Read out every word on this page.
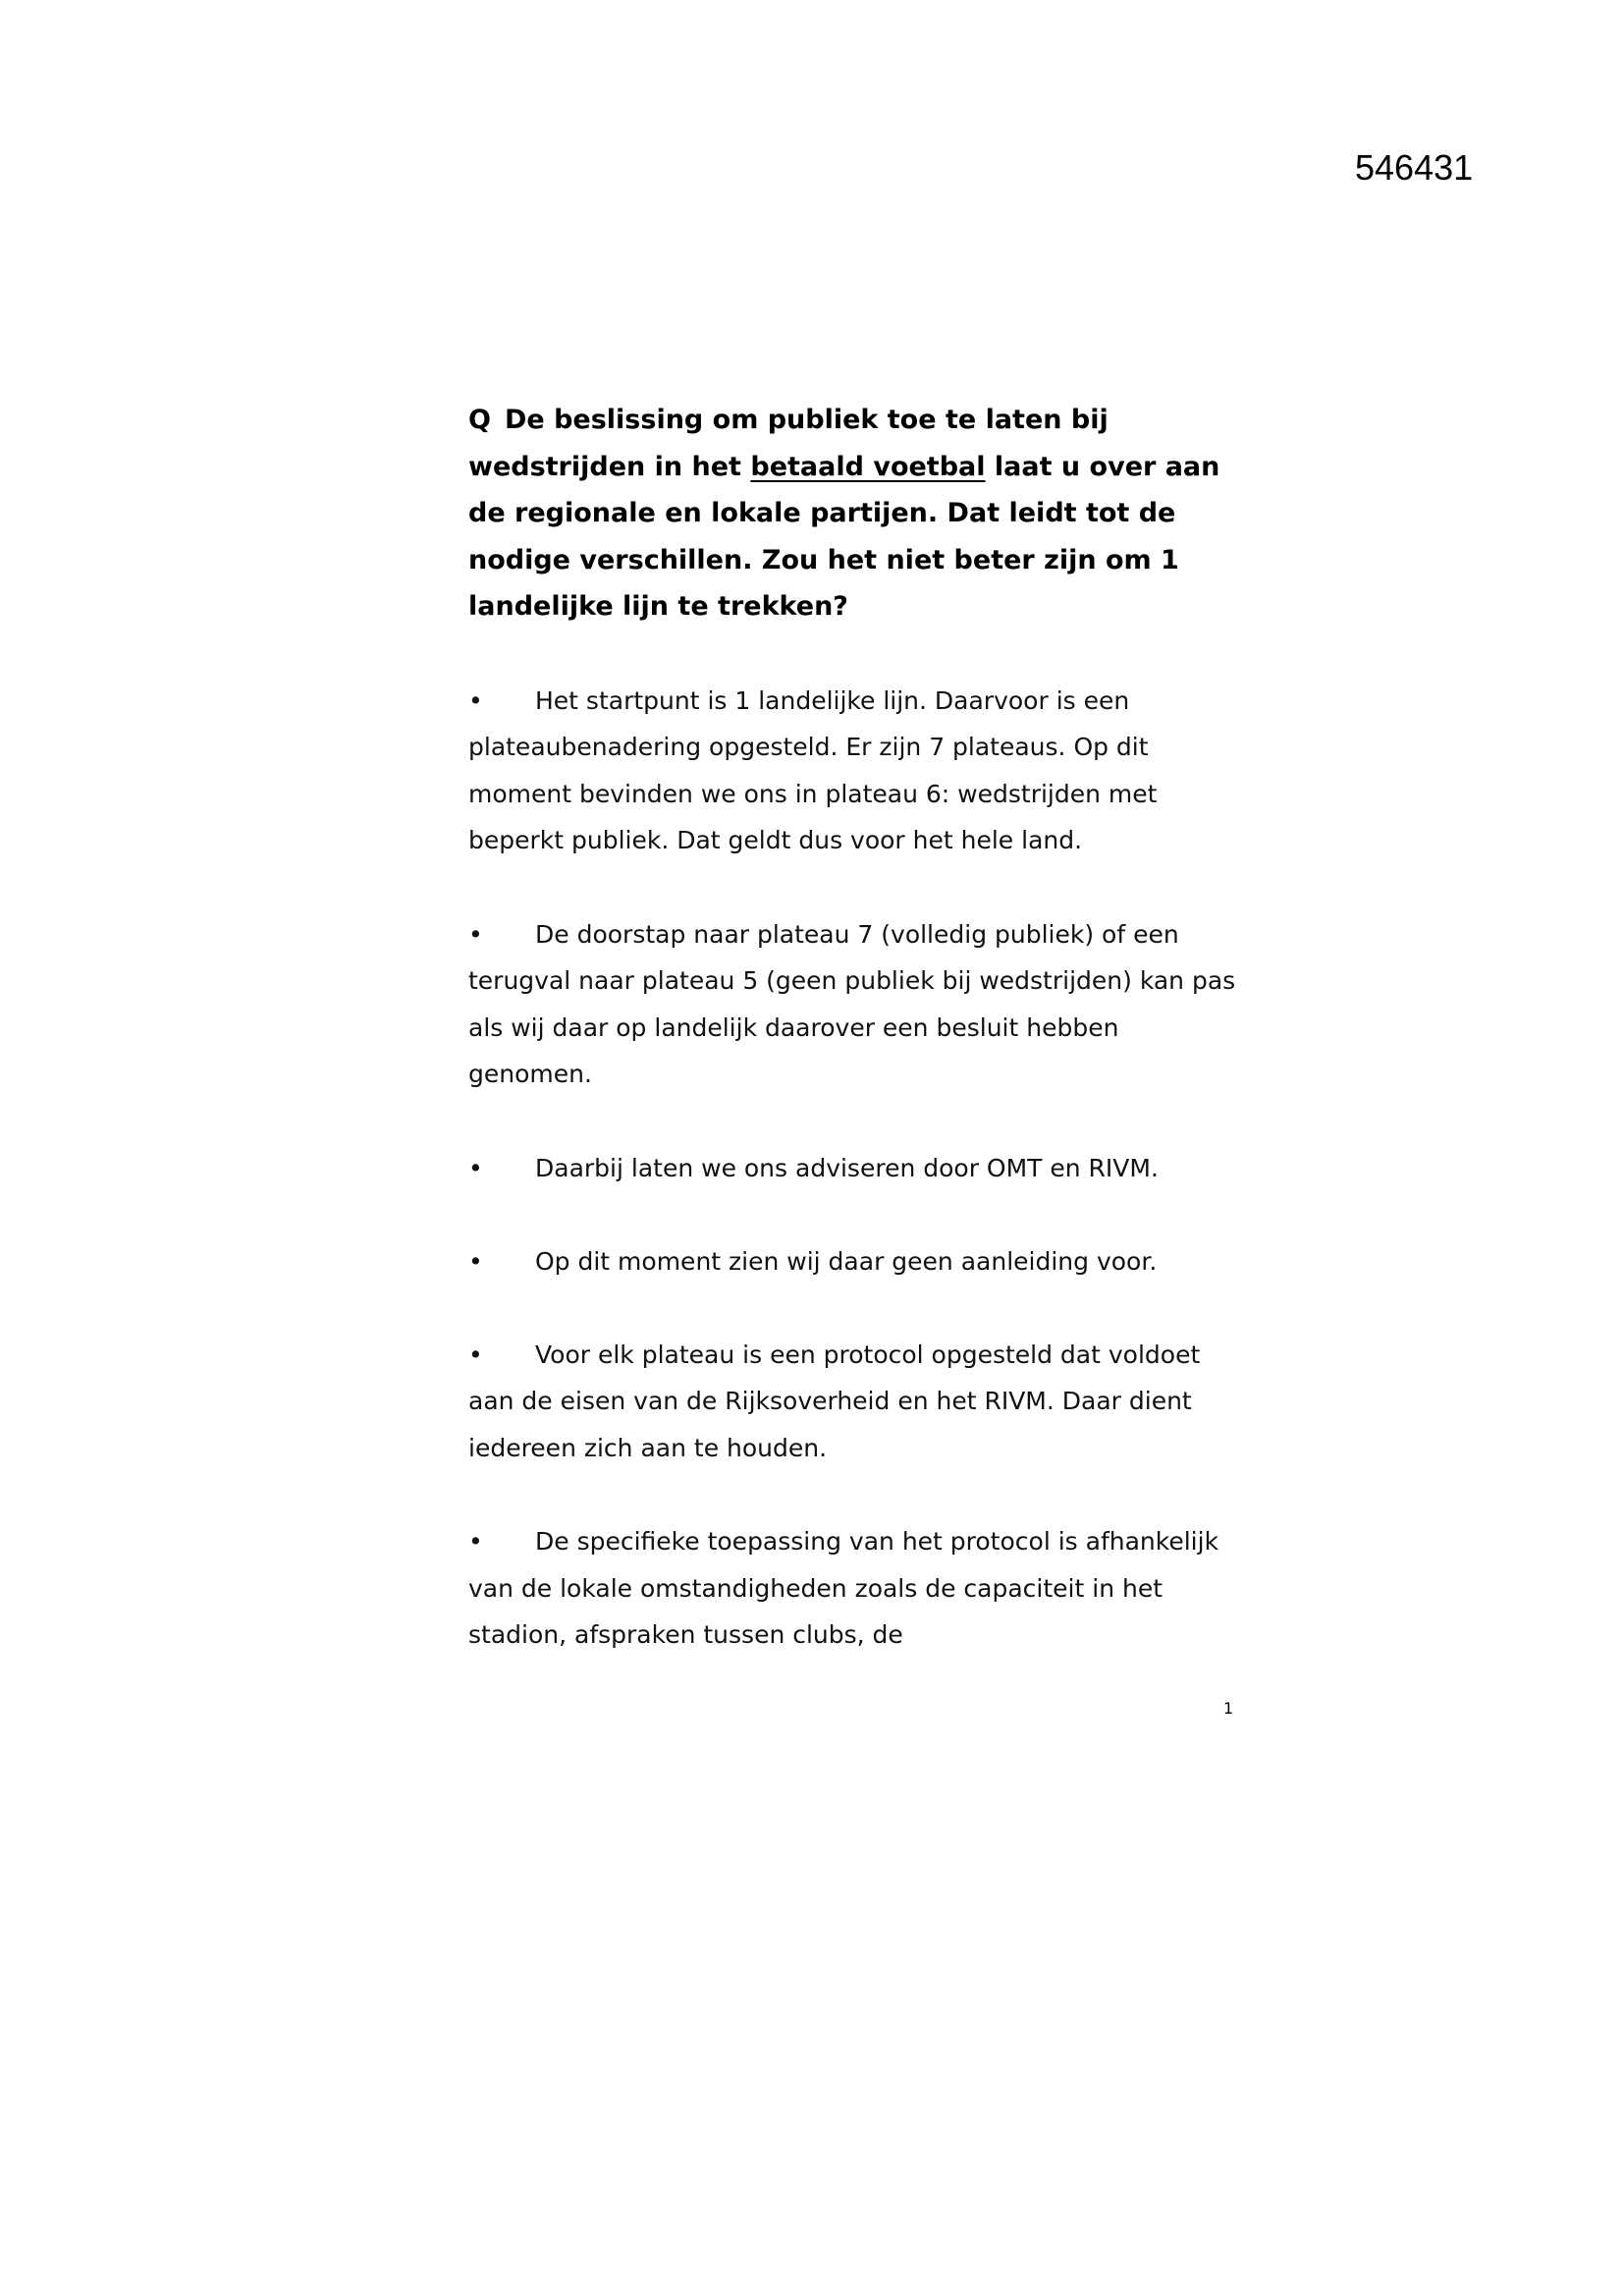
546431

Q De beslissing om publiek toe te laten bij wedstrijden in het betaald voetbal laat u over aan de regionale en lokale partijen. Dat leidt tot de nodige verschillen. Zou het niet beter zijn om 1 landelijke lijn te trekken?

• Het startpunt is 1 landelijke lijn. Daarvoor is een plateaubenadering opgesteld. Er zijn 7 plateaus. Op dit moment bevinden we ons in plateau 6: wedstrijden met beperkt publiek. Dat geldt dus voor het hele land.

• De doorstap naar plateau 7 (volledig publiek) of een terugval naar plateau 5 (geen publiek bij wedstrijden) kan pas als wij daar op landelijk daarover een besluit hebben genomen.

• Daarbij laten we ons adviseren door OMT en RIVM.

• Op dit moment zien wij daar geen aanleiding voor.

• Voor elk plateau is een protocol opgesteld dat voldoet aan de eisen van de Rijksoverheid en het RIVM. Daar dient iedereen zich aan te houden.

• De specifieke toepassing van het protocol is afhankelijk van de lokale omstandigheden zoals de capaciteit in het stadion, afspraken tussen clubs, de

1
